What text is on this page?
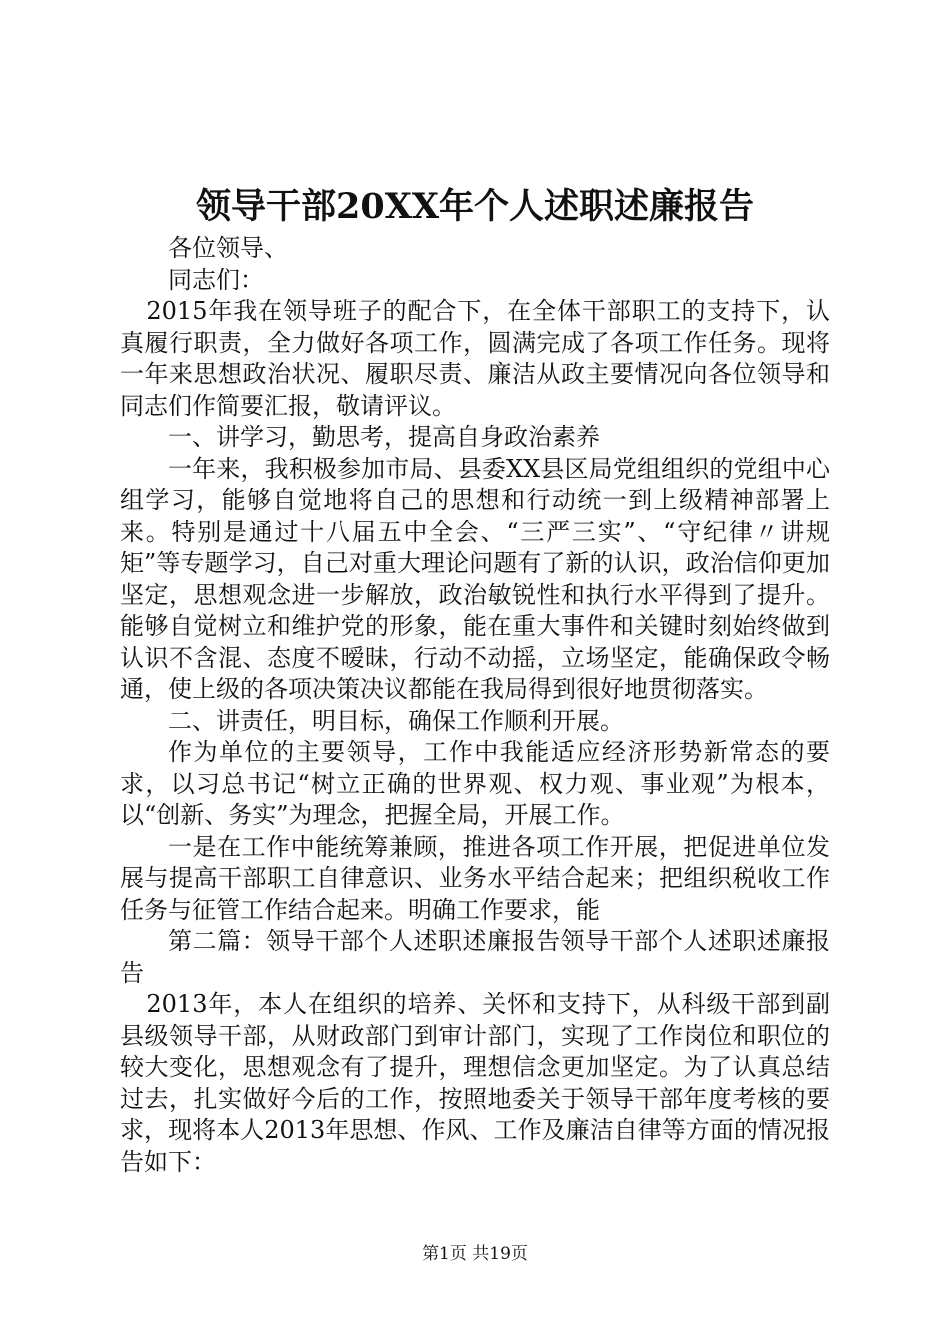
领导干部20XX年个人述职述廉报告

各位领导、

同志们：

2015年我在领导班子的配合下，在全体干部职工的支持下，认真履行职责，全力做好各项工作，圆满完成了各项工作任务。现将一年来思想政治状况、履职尽责、廉洁从政主要情况向各位领导和同志们作简要汇报，敬请评议。

一、讲学习，勤思考，提高自身政治素养

一年来，我积极参加市局、县委XX县区局党组组织的党组中心组学习，能够自觉地将自己的思想和行动统一到上级精神部署上来。特别是通过十八届五中全会、“三严三实”、“守纪律〃讲规矩”等专题学习，自己对重大理论问题有了新的认识，政治信仰更加坚定，思想观念进一步解放，政治敏锐性和执行水平得到了提升。能够自觉树立和维护党的形象，能在重大事件和关键时刻始终做到认识不含混、态度不暧昧，行动不动摇，立场坚定，能确保政令畅通，使上级的各项决策决议都能在我局得到很好地贯彻落实。

二、讲责任，明目标，确保工作顺利开展。

作为单位的主要领导，工作中我能适应经济形势新常态的要求，以习总书记“树立正确的世界观、权力观、事业观”为根本，以“创新、务实”为理念，把握全局，开展工作。

一是在工作中能统筹兼顾，推进各项工作开展，把促进单位发展与提高干部职工自律意识、业务水平结合起来；把组织税收工作任务与征管工作结合起来。明确工作要求，能

第二篇：领导干部个人述职述廉报告领导干部个人述职述廉报告

2013年，本人在组织的培养、关怀和支持下，从科级干部到副县级领导干部，从财政部门到审计部门，实现了工作岗位和职位的较大变化，思想观念有了提升，理想信念更加坚定。为了认真总结过去，扎实做好今后的工作，按照地委关于领导干部年度考核的要求，现将本人2013年思想、作风、工作及廉洁自律等方面的情况报告如下：

第1页 共19页
